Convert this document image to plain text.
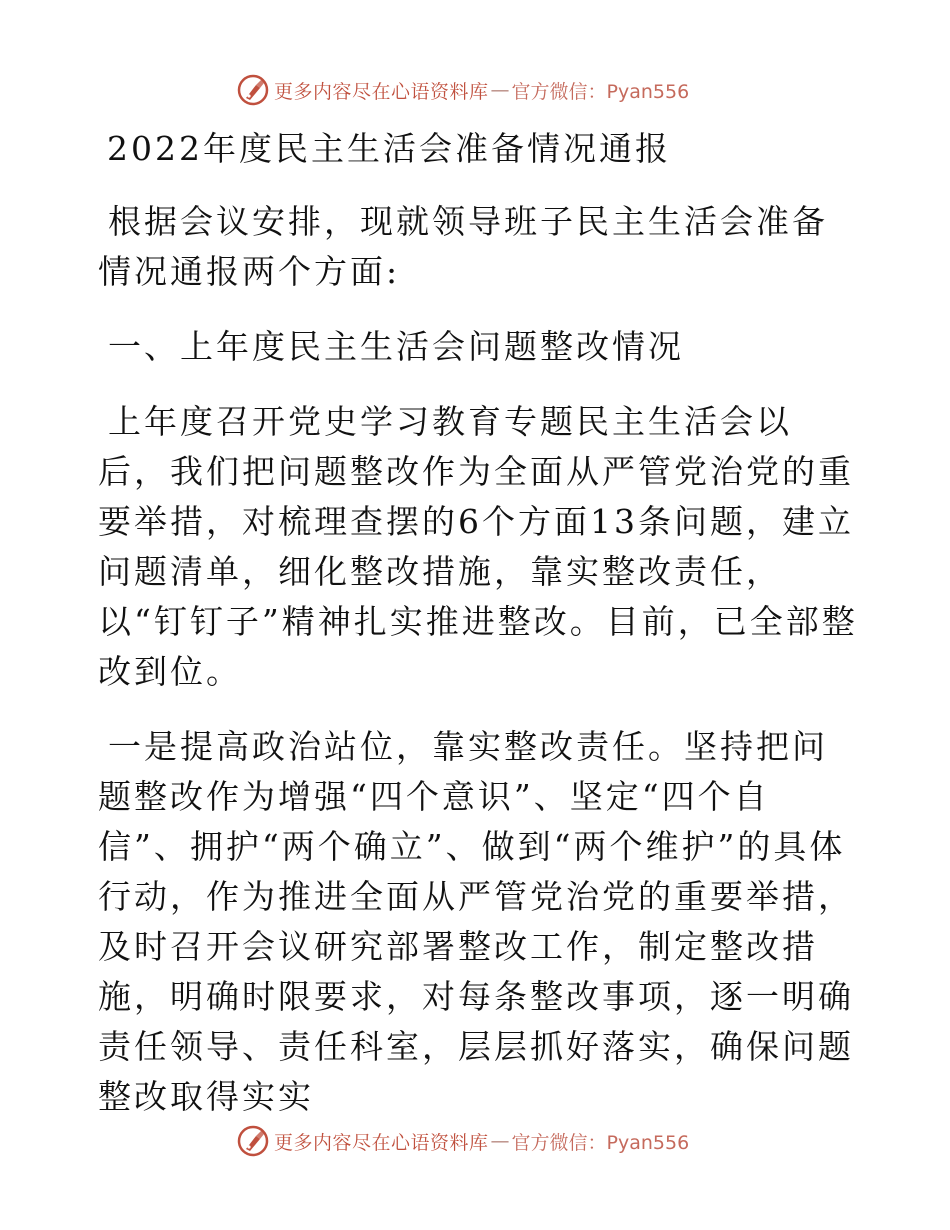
更多内容尽在心语资料库 — 官方微信：Pyan556

2022年度民主生活会准备情况通报

根据会议安排，现就领导班子民主生活会准备情况通报两个方面:

一、上年度民主生活会问题整改情况

上年度召开党史学习教育专题民主生活会以后，我们把问题整改作为全面从严管党治党的重要举措，对梳理查摆的6个方面13条问题，建立问题清单，细化整改措施，靠实整改责任，以“钉钉子”精神扎实推进整改。目前，已全部整改到位。

一是提高政治站位，靠实整改责任。坚持把问题整改作为增强“四个意识”、坚定“四个自信”、拥护“两个确立”、做到“两个维护”的具体行动，作为推进全面从严管党治党的重要举措，及时召开会议研究部署整改工作，制定整改措施，明确时限要求，对每条整改事项，逐一明确责任领导、责任科室，层层抓好落实，确保问题整改取得实实

更多内容尽在心语资料库 — 官方微信：Pyan556
